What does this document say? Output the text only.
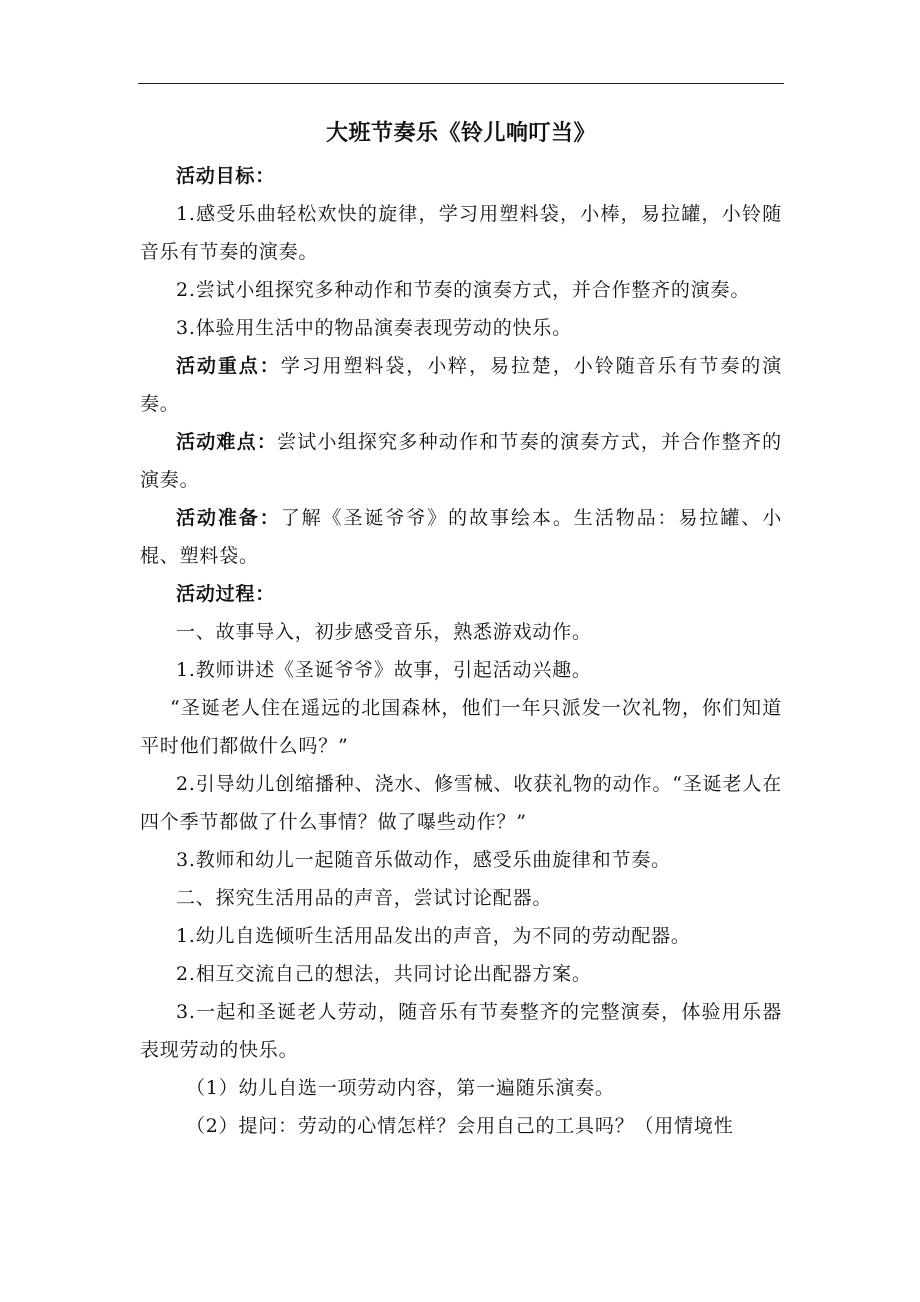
大班节奏乐《铃儿响叮当》

活动目标：

1.感受乐曲轻松欢快的旋律，学习用塑料袋，小棒，易拉罐，小铃随音乐有节奏的演奏。

2.尝试小组探究多种动作和节奏的演奏方式，并合作整齐的演奏。

3.体验用生活中的物品演奏表现劳动的快乐。

活动重点：学习用塑料袋，小粹，易拉楚，小铃随音乐有节奏的演奏。

活动难点：尝试小组探究多种动作和节奏的演奏方式，并合作整齐的演奏。

活动准备：了解《圣诞爷爷》的故事绘本。生活物品：易拉罐、小棍、塑料袋。

活动过程：

一、故事导入，初步感受音乐，熟悉游戏动作。

1.教师讲述《圣诞爷爷》故事，引起活动兴趣。

“圣诞老人住在遥远的北国森林，他们一年只派发一次礼物，你们知道平时他们都做什么吗？”

2.引导幼儿创缩播种、浇水、修雪械、收获礼物的动作。“圣诞老人在四个季节都做了什么事情？做了嚗些动作？”

3.教师和幼儿一起随音乐做动作，感受乐曲旋律和节奏。

二、探究生活用品的声音，尝试讨论配器。

1.幼儿自选倾听生活用品发出的声音，为不同的劳动配器。

2.相互交流自己的想法，共同讨论出配器方案。

3.一起和圣诞老人劳动，随音乐有节奏整齐的完整演奏，体验用乐器表现劳动的快乐。

（1）幼儿自选一项劳动内容，第一遍随乐演奏。

（2）提问：劳动的心情怎样？会用自己的工具吗？（用情境性
